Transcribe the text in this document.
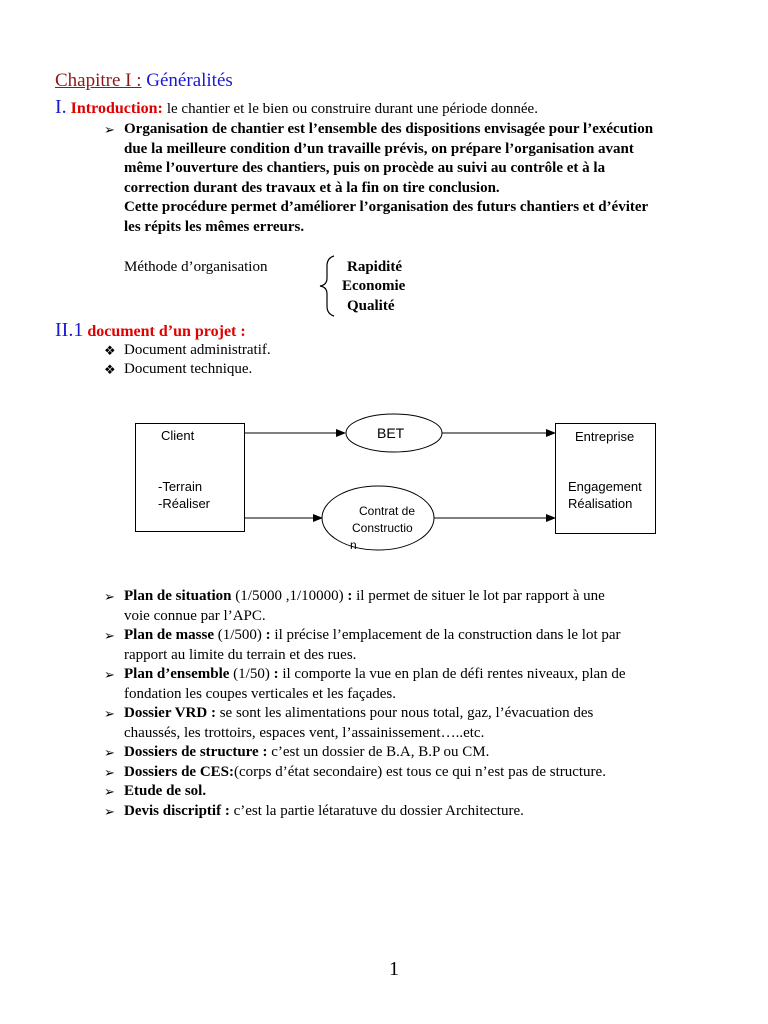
Chapitre I : Généralités
I. Introduction: le chantier et le bien ou construire durant une période donnée.
➢ Organisation de chantier est l’ensemble des dispositions envisagée pour l’exécution
due la meilleure condition d’un travaille prévis, on prépare l’organisation avant
même l’ouverture des chantiers, puis on procède au suivi au contrôle et à la
correction durant des travaux et à la fin on tire conclusion.
Cette procédure permet d’améliorer l’organisation des futurs chantiers et d’éviter
les répits les mêmes erreurs.
Méthode d’organisation	Rapidité
Economie
Qualité
II.1 document d’un projet :
❖ Document administratif.
❖ Document technique.
Client
-Terrain
-Réaliser
BET
Contrat de
Constructio
n
Entreprise
Engagement
Réalisation
➢ Plan de situation (1/5000 ,1/10000) : il permet de situer le lot par rapport à une
voie connue par l’APC.
➢ Plan de masse (1/500) : il précise l’emplacement de la construction dans le lot par
rapport au limite du terrain et des rues.
➢ Plan d’ensemble (1/50) : il comporte la vue en plan de défi rentes niveaux, plan de
fondation les coupes verticales et les façades.
➢ Dossier VRD : se sont les alimentations pour nous total, gaz, l’évacuation des
chaussés, les trottoirs, espaces vent, l’assainissement…..etc.
➢ Dossiers de structure : c’est un dossier de B.A, B.P ou CM.
➢ Dossiers de CES:(corps d’état secondaire) est tous ce qui n’est pas de structure.
➢ Etude de sol.
➢ Devis discriptif : c’est la partie létaratuve du dossier Architecture.
1
